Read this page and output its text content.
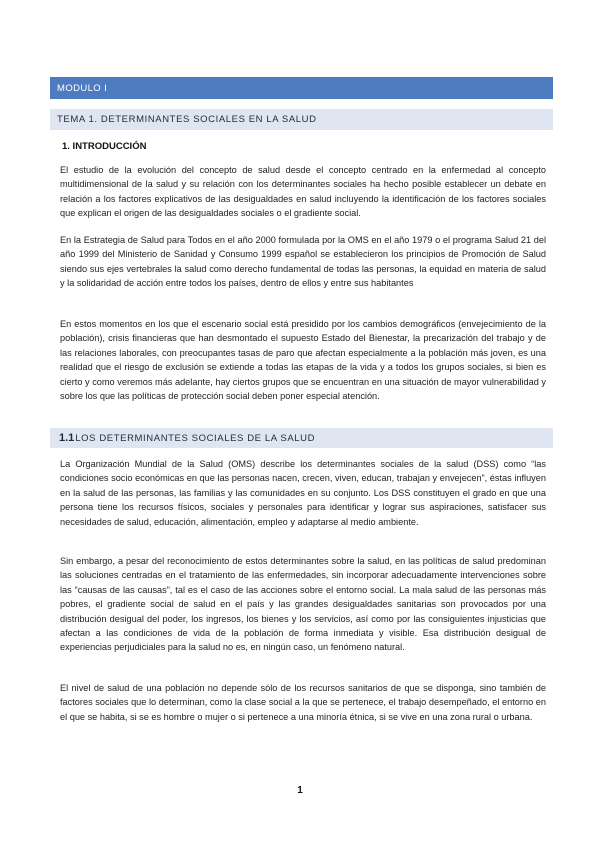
MODULO I
TEMA 1. DETERMINANTES SOCIALES EN LA SALUD
1. INTRODUCCIÓN

El estudio de la evolución del concepto de salud desde el concepto centrado en la enfermedad al concepto multidimensional de la salud y su relación con los determinantes sociales ha hecho posible establecer un debate en relación a los factores explicativos de las desigualdades en salud incluyendo la identificación de los factores sociales que explican el origen de las desigualdades sociales o el gradiente social.

En la Estrategia de Salud para Todos en el año 2000 formulada por la OMS en el año 1979 o el programa Salud 21 del año 1999 del Ministerio de Sanidad y Consumo 1999 español se establecieron los principios de Promoción de Salud siendo sus ejes vertebrales la salud como derecho fundamental de todas las personas, la equidad en materia de salud y la solidaridad de acción entre todos los países, dentro de ellos y entre sus habitantes

En estos momentos en los que el escenario social está presidido por los cambios demográficos (envejecimiento de la población), crisis financieras que han desmontado el supuesto Estado del Bienestar, la precarización del trabajo y de las relaciones laborales, con preocupantes tasas de paro que afectan especialmente a la población más joven, es una realidad que el riesgo de exclusión se extiende a todas las etapas de la vida y a todos los grupos sociales, si bien es cierto y como veremos más adelante, hay ciertos grupos que se encuentran en una situación de mayor vulnerabilidad y sobre los que las políticas de protección social deben poner especial atención.

1.1 LOS DETERMINANTES SOCIALES DE LA SALUD

La Organización Mundial de la Salud (OMS) describe los determinantes sociales de la salud (DSS) como “las condiciones socio económicas en que las personas nacen, crecen, viven, educan, trabajan y envejecen”, éstas influyen en la salud de las personas, las familias y las comunidades en su conjunto. Los DSS constituyen el grado en que una persona tiene los recursos físicos, sociales y personales para identificar y lograr sus aspiraciones, satisfacer sus necesidades de salud, educación, alimentación, empleo y adaptarse al medio ambiente.

Sin embargo, a pesar del reconocimiento de estos determinantes sobre la salud, en las políticas de salud predominan las soluciones centradas en el tratamiento de las enfermedades, sin incorporar adecuadamente intervenciones sobre las “causas de las causas”, tal es el caso de las acciones sobre el entorno social. La mala salud de las personas más pobres, el gradiente social de salud en el país y las grandes desigualdades sanitarias son provocados por una distribución desigual del poder, los ingresos, los bienes y los servicios, así como por las consiguientes injusticias que afectan a las condiciones de vida de la población de forma inmediata y visible. Esa distribución desigual de experiencias perjudiciales para la salud no es, en ningún caso, un fenómeno natural.

El nivel de salud de una población no depende sólo de los recursos sanitarios de que se disponga, sino también de factores sociales que lo determinan, como la clase social a la que se pertenece, el trabajo desempeñado, el entorno en el que se habita, si se es hombre o mujer o si pertenece a una minoría étnica, si se vive en una zona rural o urbana.

1
